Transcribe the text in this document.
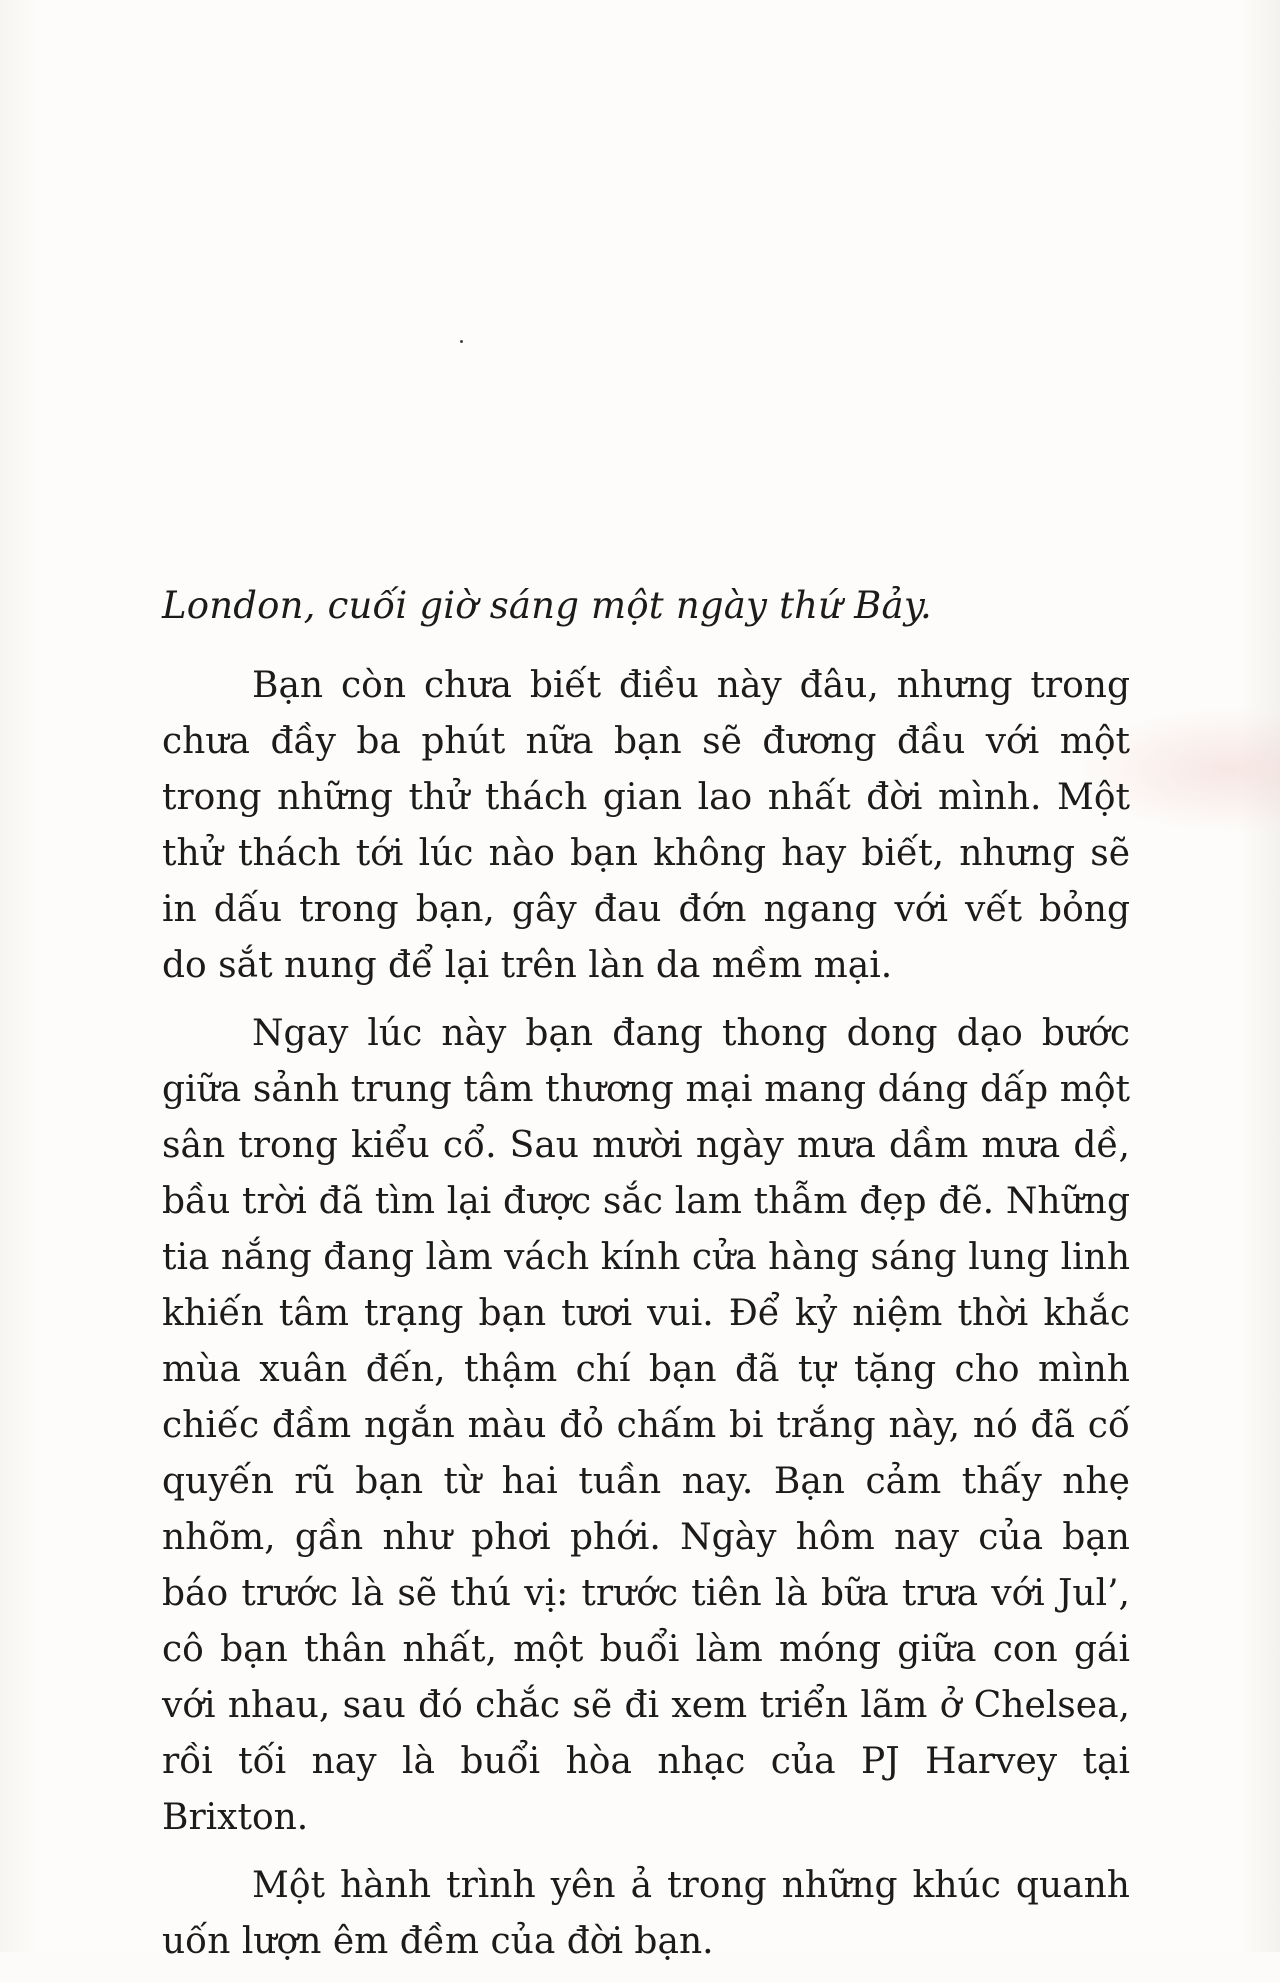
London, cuối giờ sáng một ngày thứ Bảy.

Bạn còn chưa biết điều này đâu, nhưng trong chưa đầy ba phút nữa bạn sẽ đương đầu với một trong những thử thách gian lao nhất đời mình. Một thử thách tới lúc nào bạn không hay biết, nhưng sẽ in dấu trong bạn, gây đau đớn ngang với vết bỏng do sắt nung để lại trên làn da mềm mại.

Ngay lúc này bạn đang thong dong dạo bước giữa sảnh trung tâm thương mại mang dáng dấp một sân trong kiểu cổ. Sau mười ngày mưa dầm mưa dề, bầu trời đã tìm lại được sắc lam thẫm đẹp đẽ. Những tia nắng đang làm vách kính cửa hàng sáng lung linh khiến tâm trạng bạn tươi vui. Để kỷ niệm thời khắc mùa xuân đến, thậm chí bạn đã tự tặng cho mình chiếc đầm ngắn màu đỏ chấm bi trắng này, nó đã cố quyến rũ bạn từ hai tuần nay. Bạn cảm thấy nhẹ nhõm, gần như phơi phới. Ngày hôm nay của bạn báo trước là sẽ thú vị: trước tiên là bữa trưa với Jul’, cô bạn thân nhất, một buổi làm móng giữa con gái với nhau, sau đó chắc sẽ đi xem triển lãm ở Chelsea, rồi tối nay là buổi hòa nhạc của PJ Harvey tại Brixton.

Một hành trình yên ả trong những khúc quanh uốn lượn êm đềm của đời bạn.
